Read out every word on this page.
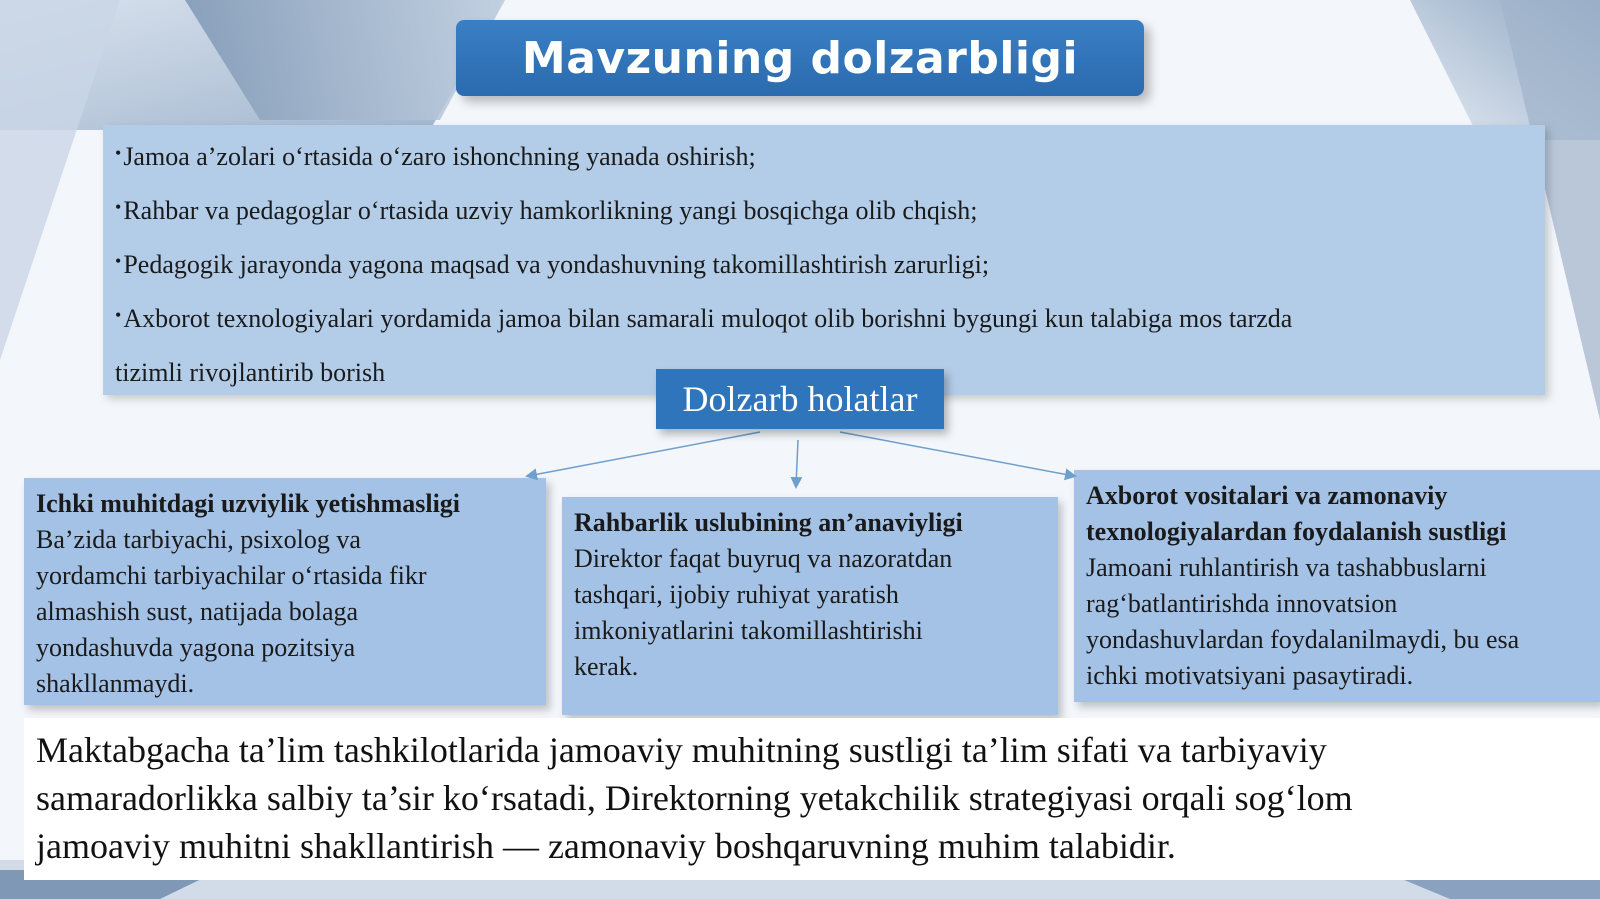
Mavzuning dolzarbligi

•Jamoa a’zolari o‘rtasida o‘zaro ishonchning yanada oshirish;

•Rahbar va pedagoglar o‘rtasida uzviy hamkorlikning yangi bosqichga olib chqish;

•Pedagogik jarayonda yagona maqsad va yondashuvning takomillashtirish zarurligi;

•Axborot texnologiyalari yordamida jamoa bilan samarali muloqot olib borishni bygungi kun talabiga mos tarzda

tizimli rivojlantirib borish

Dolzarb holatlar
Ichki muhitdagi uzviylik yetishmasligi

Ba’zida tarbiyachi, psixolog va

yordamchi tarbiyachilar o‘rtasida fikr

almashish sust, natijada bolaga

yondashuvda yagona pozitsiya

shakllanmaydi.

Rahbarlik uslubining an’anaviyligi

Direktor faqat buyruq va nazoratdan

tashqari, ijobiy ruhiyat yaratish

imkoniyatlarini takomillashtirishi

kerak.

Axborot vositalari va zamonaviy
texnologiyalardan foydalanish sustligi

Jamoani ruhlantirish va tashabbuslarni

rag‘batlantirishda innovatsion

yondashuvlardan foydalanilmaydi, bu esa

ichki motivatsiyani pasaytiradi.

Maktabgacha ta’lim tashkilotlarida jamoaviy muhitning sustligi ta’lim sifati va tarbiyaviy

samaradorlikka salbiy ta’sir ko‘rsatadi, Direktorning yetakchilik strategiyasi orqali sog‘lom

jamoaviy muhitni shakllantirish — zamonaviy boshqaruvning muhim talabidir.
